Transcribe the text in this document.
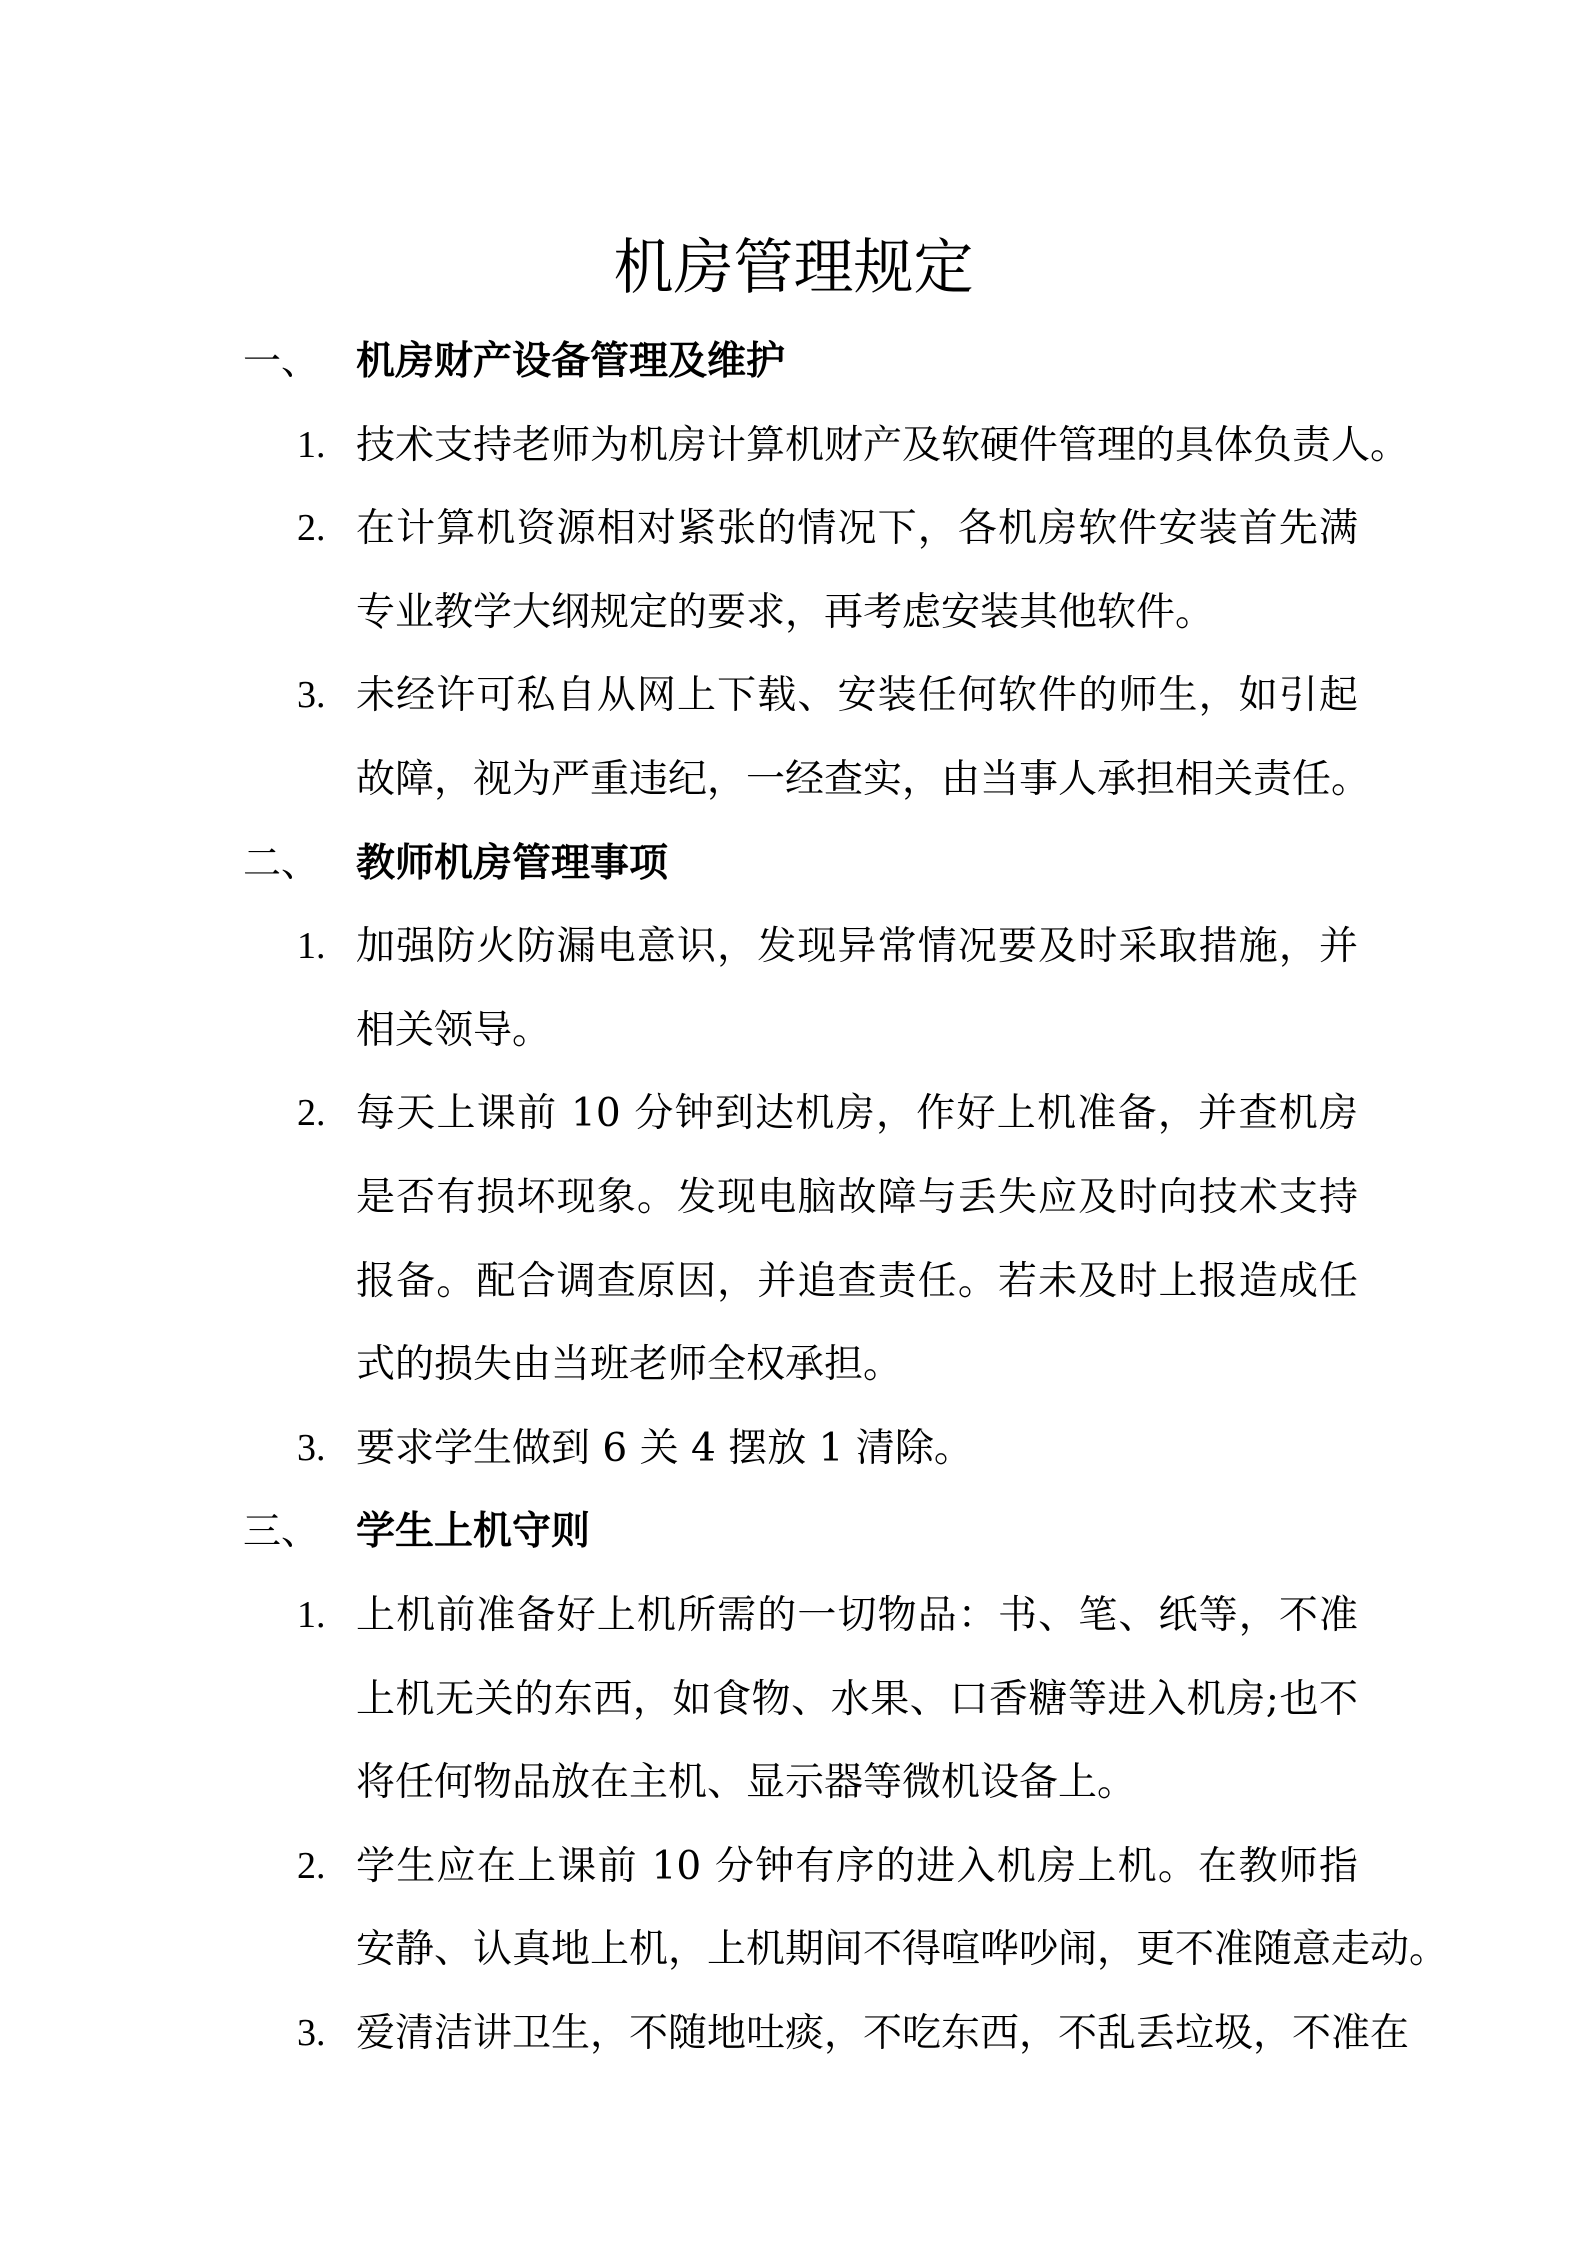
机房管理规定
一、 机房财产设备管理及维护
1. 技术支持老师为机房计算机财产及软硬件管理的具体负责人。
2. 在计算机资源相对紧张的情况下，各机房软件安装首先满
专业教学大纲规定的要求，再考虑安装其他软件。
3. 未经许可私自从网上下载、安装任何软件的师生，如引起
故障，视为严重违纪，一经查实，由当事人承担相关责任。
二、 教师机房管理事项
1. 加强防火防漏电意识，发现异常情况要及时采取措施，并
相关领导。
2. 每天上课前 10 分钟到达机房，作好上机准备，并查机房
是否有损坏现象。发现电脑故障与丢失应及时向技术支持
报备。配合调查原因，并追查责任。若未及时上报造成任
式的损失由当班老师全权承担。
3. 要求学生做到 6 关 4 摆放 1 清除。
三、 学生上机守则
1. 上机前准备好上机所需的一切物品：书、笔、纸等，不准
上机无关的东西，如食物、水果、口香糖等进入机房;也不
将任何物品放在主机、显示器等微机设备上。
2. 学生应在上课前 10 分钟有序的进入机房上机。在教师指
安静、认真地上机，上机期间不得喧哗吵闹，更不准随意走动。
3. 爱清洁讲卫生，不随地吐痰，不吃东西，不乱丢垃圾，不准在
